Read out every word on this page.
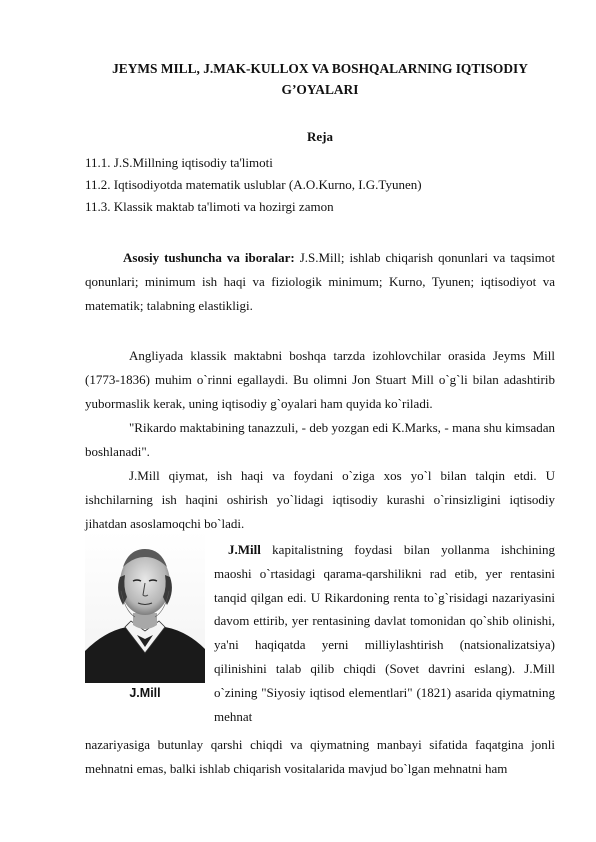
JEYMS MILL, J.MAK-KULLOX VA BOSHQALARNING IQTISODIY
G’OYALARI
Reja
11.1. J.S.Millning iqtisodiy ta'limoti
11.2. Iqtisodiyotda matematik uslublar (A.O.Kurno, I.G.Tyunen)
11.3. Klassik maktab ta'limoti va hozirgi zamon

Asosiy tushuncha va iboralar: J.S.Mill; ishlab chiqarish qonunlari va taqsimot qonunlari; minimum ish haqi va fiziologik minimum; Kurno, Tyunen; iqtisodiyot va matematik; talabning elastikligi.

Angliyada klassik maktabni boshqa tarzda izohlovchilar orasida Jeyms Mill (1773-1836) muhim o`rinni egallaydi. Bu olimni Jon Stuart Mill o`g`li bilan adashtirib yubormaslik kerak, uning iqtisodiy g`oyalari ham quyida ko`riladi.

"Rikardo maktabining tanazzuli, - deb yozgan edi K.Marks, - mana shu kimsadan boshlanadi".

J.Mill qiymat, ish haqi va foydani o`ziga xos yo`l bilan talqin etdi. U ishchilarning ish haqini oshirish yo`lidagi iqtisodiy kurashi o`rinsizligini iqtisodiy jihatdan asoslamoqchi bo`ladi.

J.Mill

J.Mill kapitalistning foydasi bilan yollanma ishchining maoshi o`rtasidagi qarama-qarshilikni rad etib, yer rentasini tanqid qilgan edi. U Rikardoning renta to`g`risidagi nazariyasini davom ettirib, yer rentasining davlat tomonidan qo`shib olinishi, ya'ni haqiqatda yerni milliylashtirish (natsionalizatsiya) qilinishini talab qilib chiqdi (Sovet davrini eslang). J.Mill o`zining "Siyosiy iqtisod elementlari" (1821) asarida qiymatning mehnat

nazariyasiga butunlay qarshi chiqdi va qiymatning manbayi sifatida faqatgina jonli mehnatni emas, balki ishlab chiqarish vositalarida mavjud bo`lgan mehnatni ham
